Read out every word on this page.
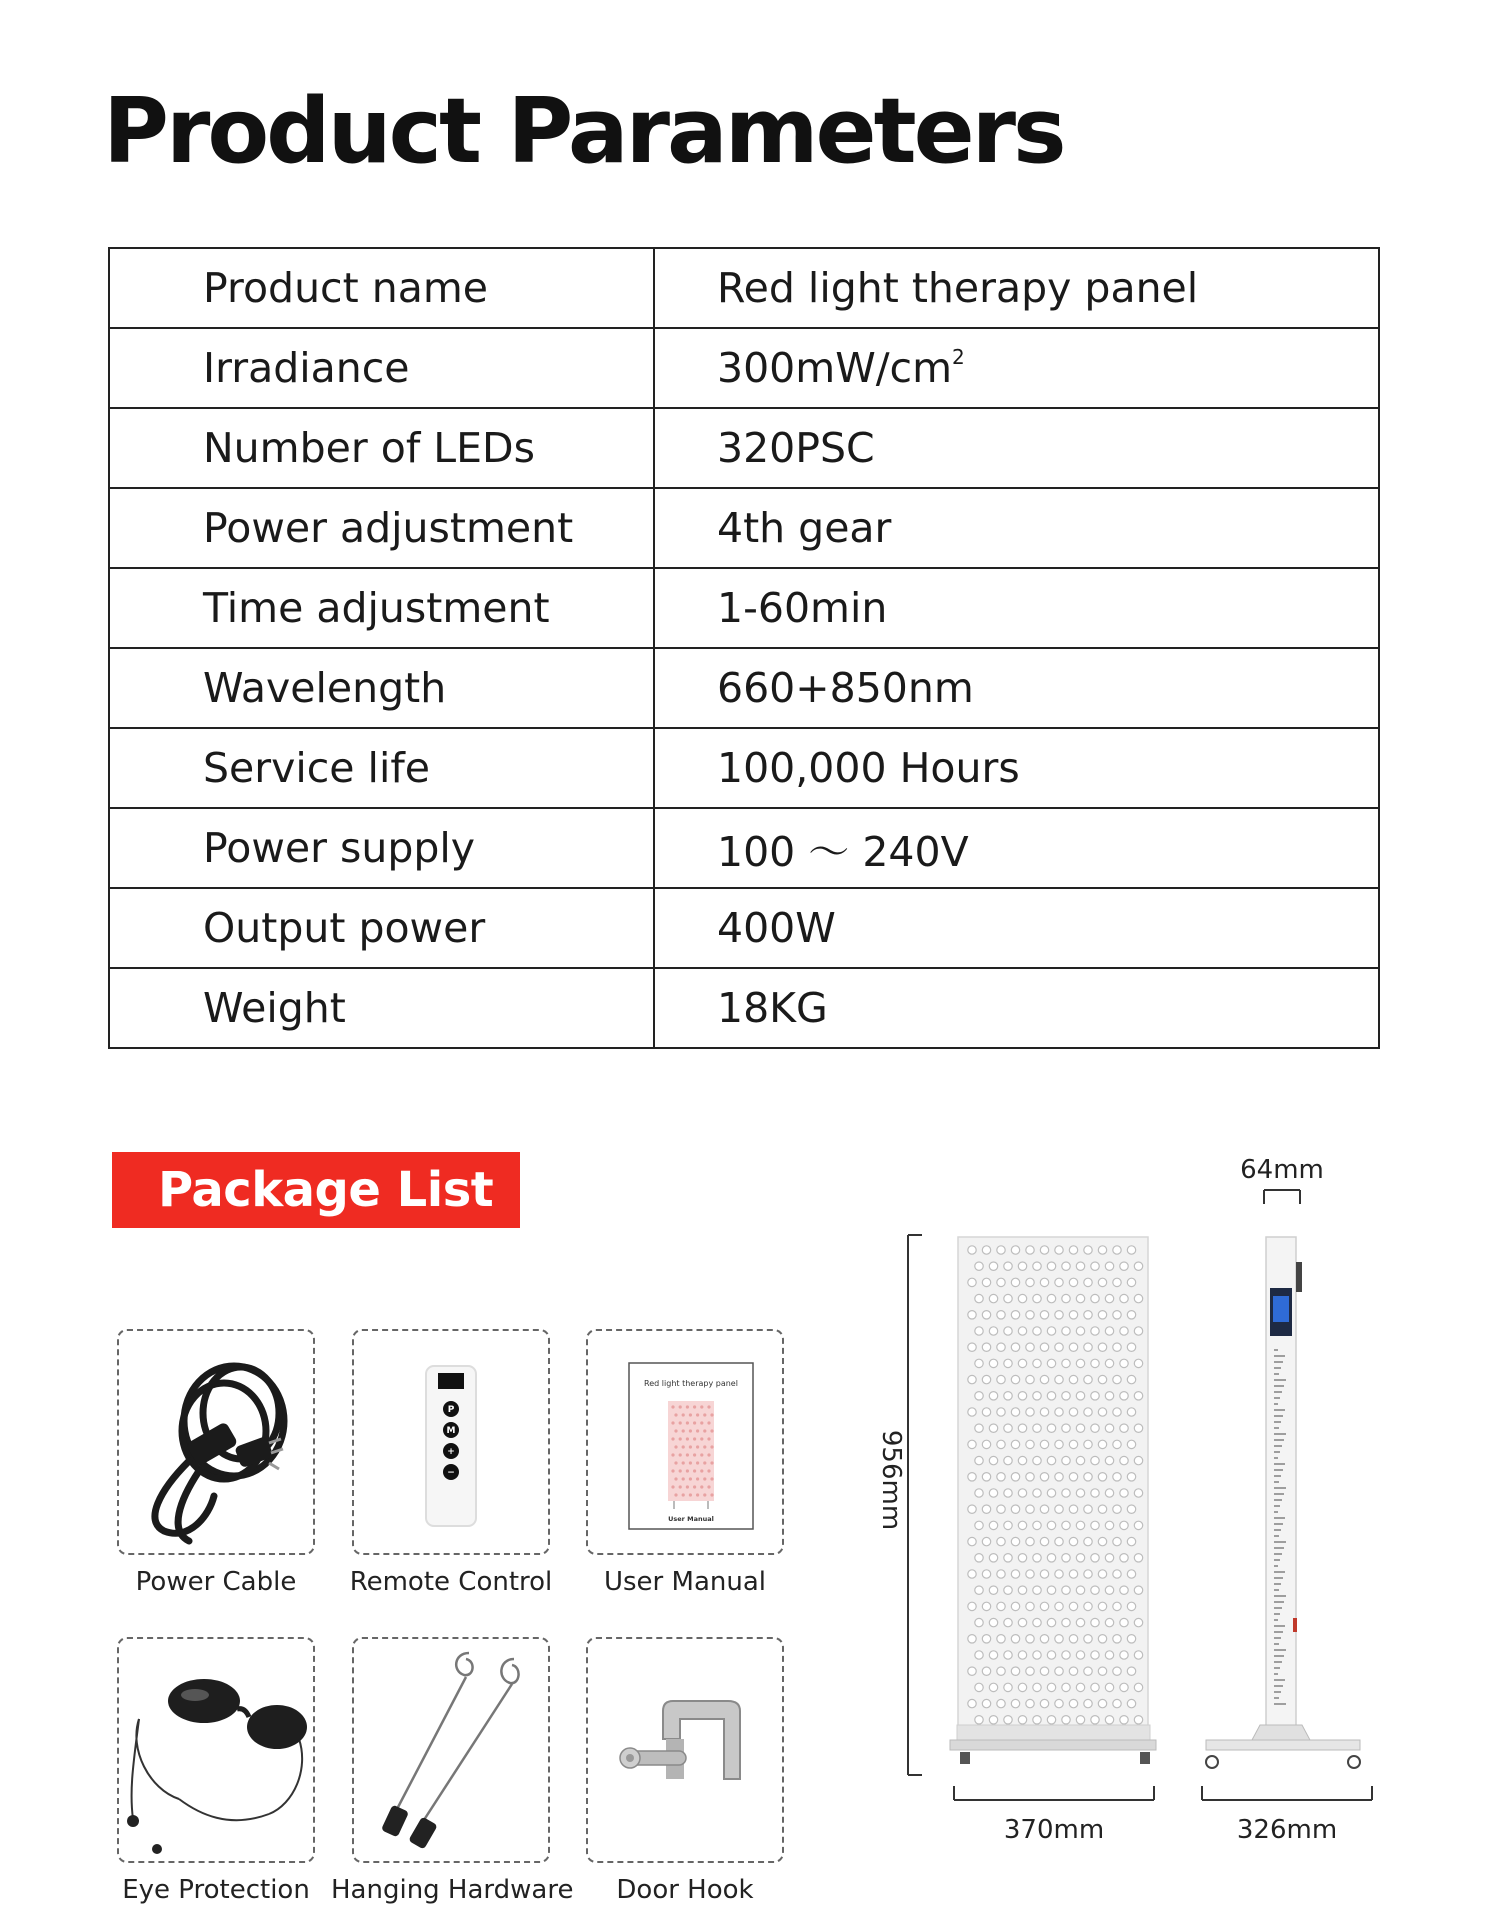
Product Parameters
Product name	Red light therapy panel
Irradiance	$300mW/cm^2$
Number of LEDs	320PSC
Power adjustment	4th gear
Time adjustment	1-60min
Wavelength	660+850nm
Service life	100,000 Hours
Power supply	100 ～ 240V
Output power	400W
Weight	18KG
Package List
Power Cable
P
M
+
−
Remote Control
Red light therapy panel
User Manual
User Manual
Eye Protection Hanging Hardware	Door Hook
956mm
370mm
64mm
326mm
